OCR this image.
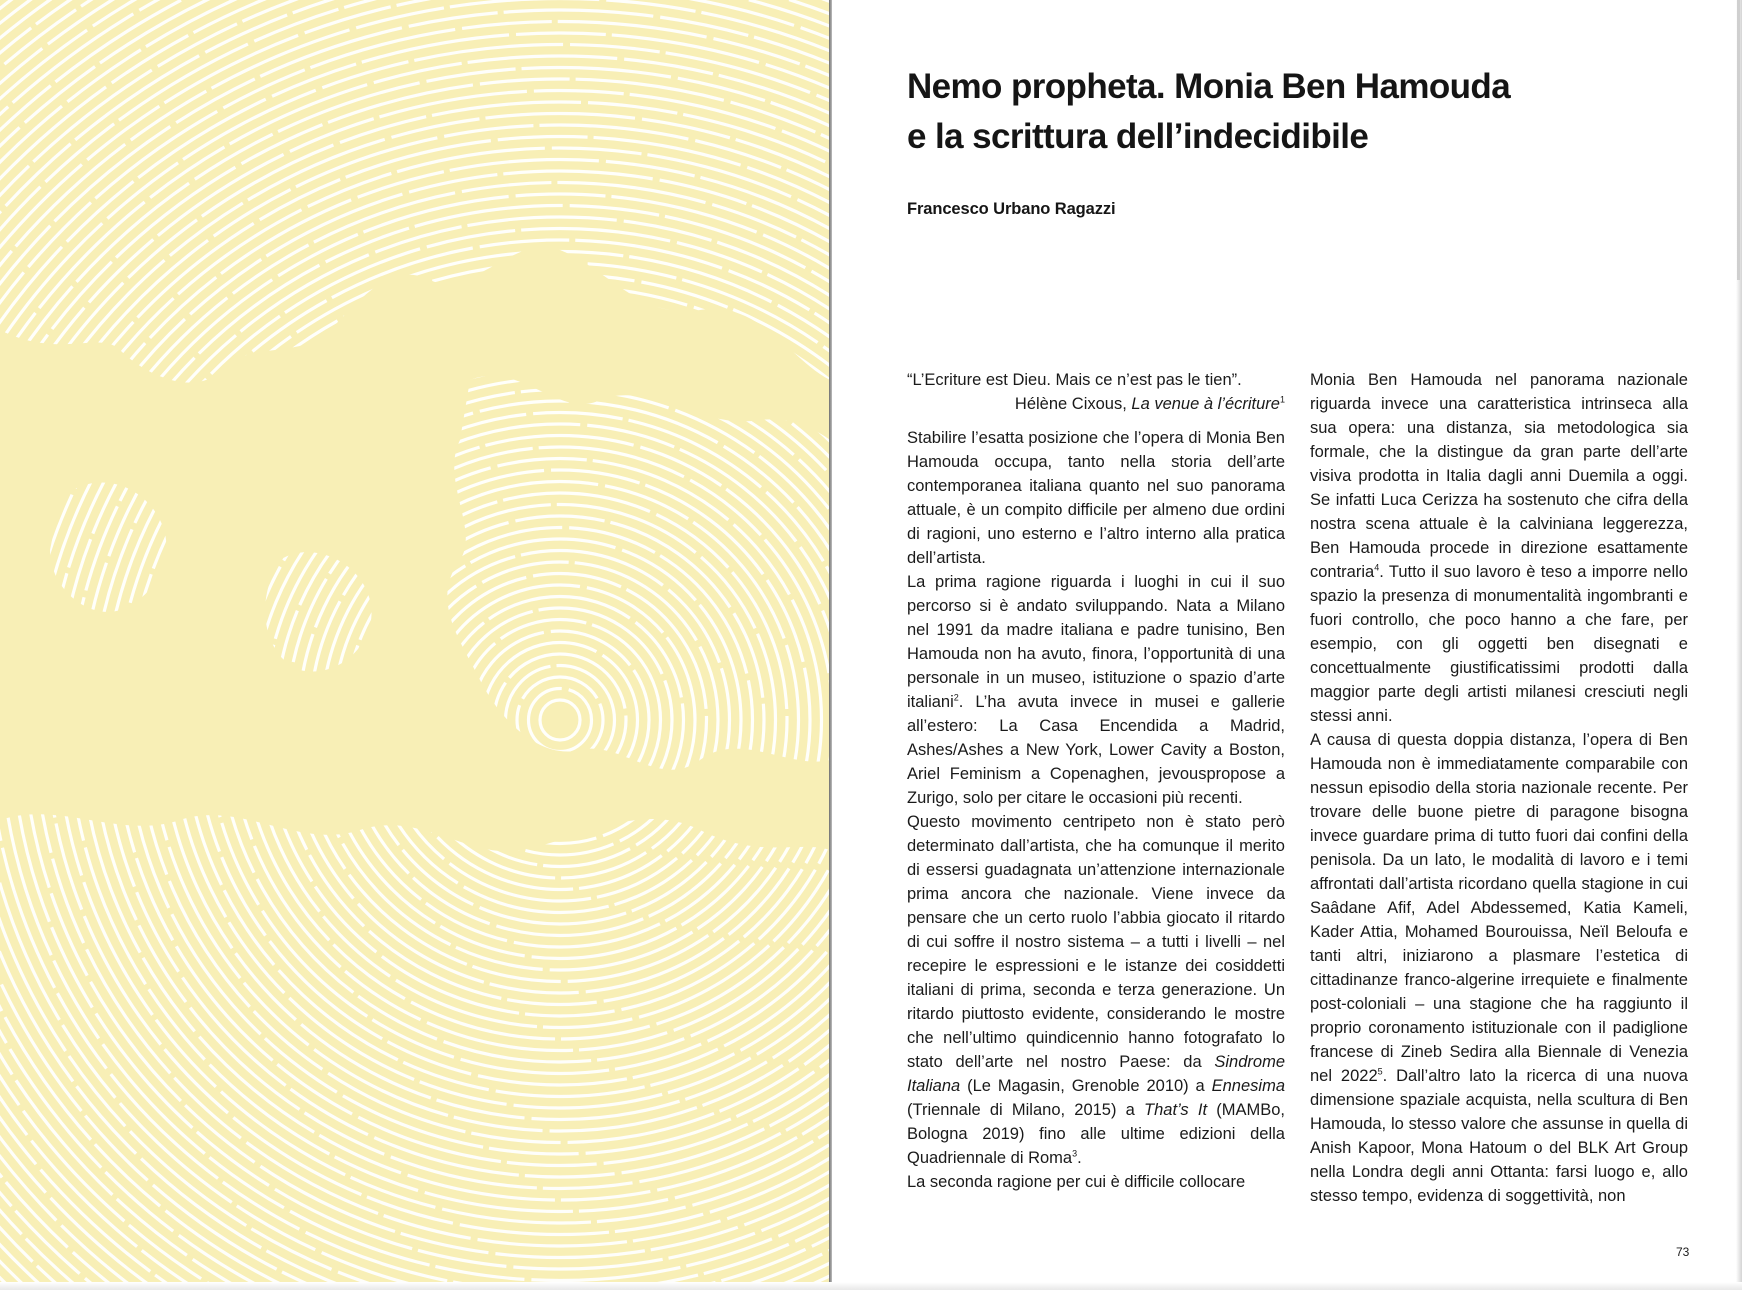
Nemo propheta. Monia Ben Hamouda
e la scrittura dell’indecidibile
Francesco Urbano Ragazzi
“L’Ecriture est Dieu. Mais ce n’est pas le tien”.
Hélène Cixous, La venue à l’écriture$^1$

Stabilire l’esatta posizione che l’opera di Monia Ben Hamouda occupa, tanto nella storia dell’arte contemporanea italiana quanto nel suo panorama attuale, è un compito difficile per almeno due ordini di ragioni, uno esterno e l’altro interno alla pratica dell’artista.

La prima ragione riguarda i luoghi in cui il suo percorso si è andato sviluppando. Nata a Milano nel 1991 da madre italiana e padre tunisino, Ben Hamouda non ha avuto, finora, l’opportunità di una personale in un museo, istituzione o spazio d’arte italiani$^2$. L’ha avuta invece in musei e gallerie all’estero: La Casa Encendida a Madrid, Ashes/Ashes a New York, Lower Cavity a Boston, Ariel Feminism a Copenaghen, jevouspropose a Zurigo, solo per citare le occasioni più recenti.

Questo movimento centripeto non è stato però determinato dall’artista, che ha comunque il merito di essersi guadagnata un’attenzione internazionale prima ancora che nazionale. Viene invece da pensare che un certo ruolo l’abbia giocato il ritardo di cui soffre il nostro sistema – a tutti i livelli – nel recepire le espressioni e le istanze dei cosiddetti italiani di prima, seconda e terza generazione. Un ritardo piuttosto evidente, considerando le mostre che nell’ultimo quindicennio hanno fotografato lo stato dell’arte nel nostro Paese: da Sindrome Italiana (Le Magasin, Grenoble 2010) a Ennesima (Triennale di Milano, 2015) a That’s It (MAMBo, Bologna 2019) fino alle ultime edizioni della Quadriennale di Roma$^3$.

La seconda ragione per cui è difficile collocare

Monia Ben Hamouda nel panorama nazionale riguarda invece una caratteristica intrinseca alla sua opera: una distanza, sia metodologica sia formale, che la distingue da gran parte dell’arte visiva prodotta in Italia dagli anni Duemila a oggi. Se infatti Luca Cerizza ha sostenuto che cifra della nostra scena attuale è la calviniana leggerezza, Ben Hamouda procede in direzione esattamente contraria$^4$. Tutto il suo lavoro è teso a imporre nello spazio la presenza di monumentalità ingombranti e fuori controllo, che poco hanno a che fare, per esempio, con gli oggetti ben disegnati e concettualmente giustificatissimi prodotti dalla maggior parte degli artisti milanesi cresciuti negli stessi anni.

A causa di questa doppia distanza, l’opera di Ben Hamouda non è immediatamente comparabile con nessun episodio della storia nazionale recente. Per trovare delle buone pietre di paragone bisogna invece guardare prima di tutto fuori dai confini della penisola. Da un lato, le modalità di lavoro e i temi affrontati dall’artista ricordano quella stagione in cui Saâdane Afif, Adel Abdessemed, Katia Kameli, Kader Attia, Mohamed Bourouissa, Neïl Beloufa e tanti altri, iniziarono a plasmare l’estetica di cittadinanze franco-algerine irrequiete e finalmente post-coloniali – una stagione che ha raggiunto il proprio coronamento istituzionale con il padiglione francese di Zineb Sedira alla Biennale di Venezia nel 2022$^5$. Dall’altro lato la ricerca di una nuova dimensione spaziale acquista, nella scultura di Ben Hamouda, lo stesso valore che assunse in quella di Anish Kapoor, Mona Hatoum o del BLK Art Group nella Londra degli anni Ottanta: farsi luogo e, allo stesso tempo, evidenza di soggettività, non

73
